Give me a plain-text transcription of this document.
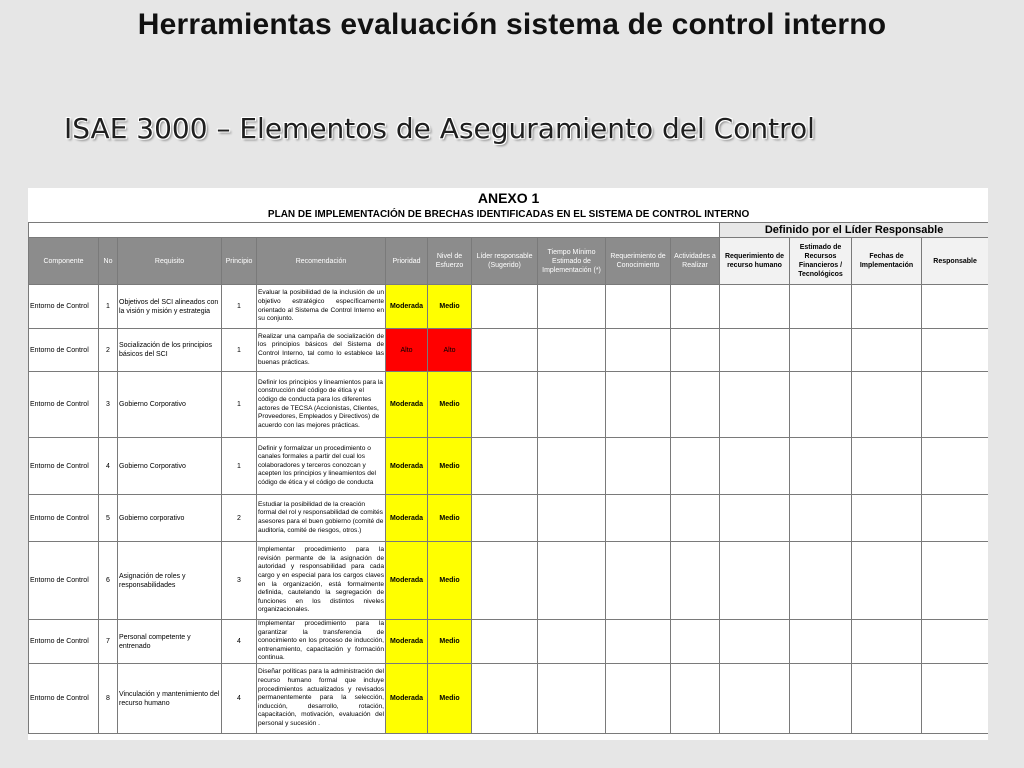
Herramientas evaluación sistema de control interno
ISAE 3000 – Elementos de Aseguramiento del Control
ANEXO 1														
PLAN DE IMPLEMENTACIÓN DE BRECHAS IDENTIFICADAS EN EL SISTEMA DE CONTROL INTERNO														
											Definido por el Líder Responsable			
Componente	No	Requisito	Principio	Recomendación	Prioridad	Nivel de Esfuerzo	Líder responsable (Sugerido)	Tiempo Mínimo Estimado de Implementación (*)	Requerimiento de Conocimiento	Actividades a Realizar	Requerimiento de recurso humano	Estimado de Recursos Financieros / Tecnológicos	Fechas de Implementación	Responsable
Entorno de Control	1	Objetivos del SCI alineados con la visión y misión y estrategia	1	Evaluar la posibilidad de la inclusión de un objetivo estratégico específicamente orientado al Sistema de Control Interno en su conjunto.	Moderada	Medio								
Entorno de Control	2	Socialización de los principios básicos del SCI	1	Realizar una campaña de socialización de los principios básicos del Sistema de Control Interno, tal como lo establece las buenas prácticas.	Alto	Alto								
Entorno de Control	3	Gobierno Corporativo	1	Definir los principios y lineamientos para la construcción del código de ética y el código de conducta para los diferentes actores de TECSA (Accionistas, Clientes, Proveedores, Empleados y Directivos) de acuerdo con las mejores prácticas.	Moderada	Medio								
Entorno de Control	4	Gobierno Corporativo	1	Definir y formalizar un procedimiento o canales formales a partir del cual los colaboradores y terceros conozcan y acepten los principios y lineamientos del código de ética y el código de conducta	Moderada	Medio								
Entorno de Control	5	Gobierno corporativo	2	Estudiar la posibilidad de la creación formal del rol y responsabilidad de comités asesores para el buen gobierno (comité de auditoría, comité de riesgos, otros.)	Moderada	Medio								
Entorno de Control	6	Asignación de roles y responsabilidades	3	Implementar procedimiento para la revisión permante de la asignación de autoridad y responsabilidad para cada cargo y en especial para los cargos claves en la organización, está formalmente definida, cautelando la segregación de funciones en los distintos niveles organizacionales.	Moderada	Medio								
Entorno de Control	7	Personal competente y entrenado	4	Implementar procedimiento para la garantizar la transferencia de conocimiento en los proceso de inducción, entrenamiento, capacitación y formación continua.	Moderada	Medio								
Entorno de Control	8	Vinculación y mantenimiento del recurso humano	4	Diseñar políticas para la administración del recurso humano formal que incluye procedimientos actualizados y revisados permanentemente para la selección, inducción, desarrollo, rotación, capacitación, motivación, evaluación del personal y sucesión .	Moderada	Medio								
